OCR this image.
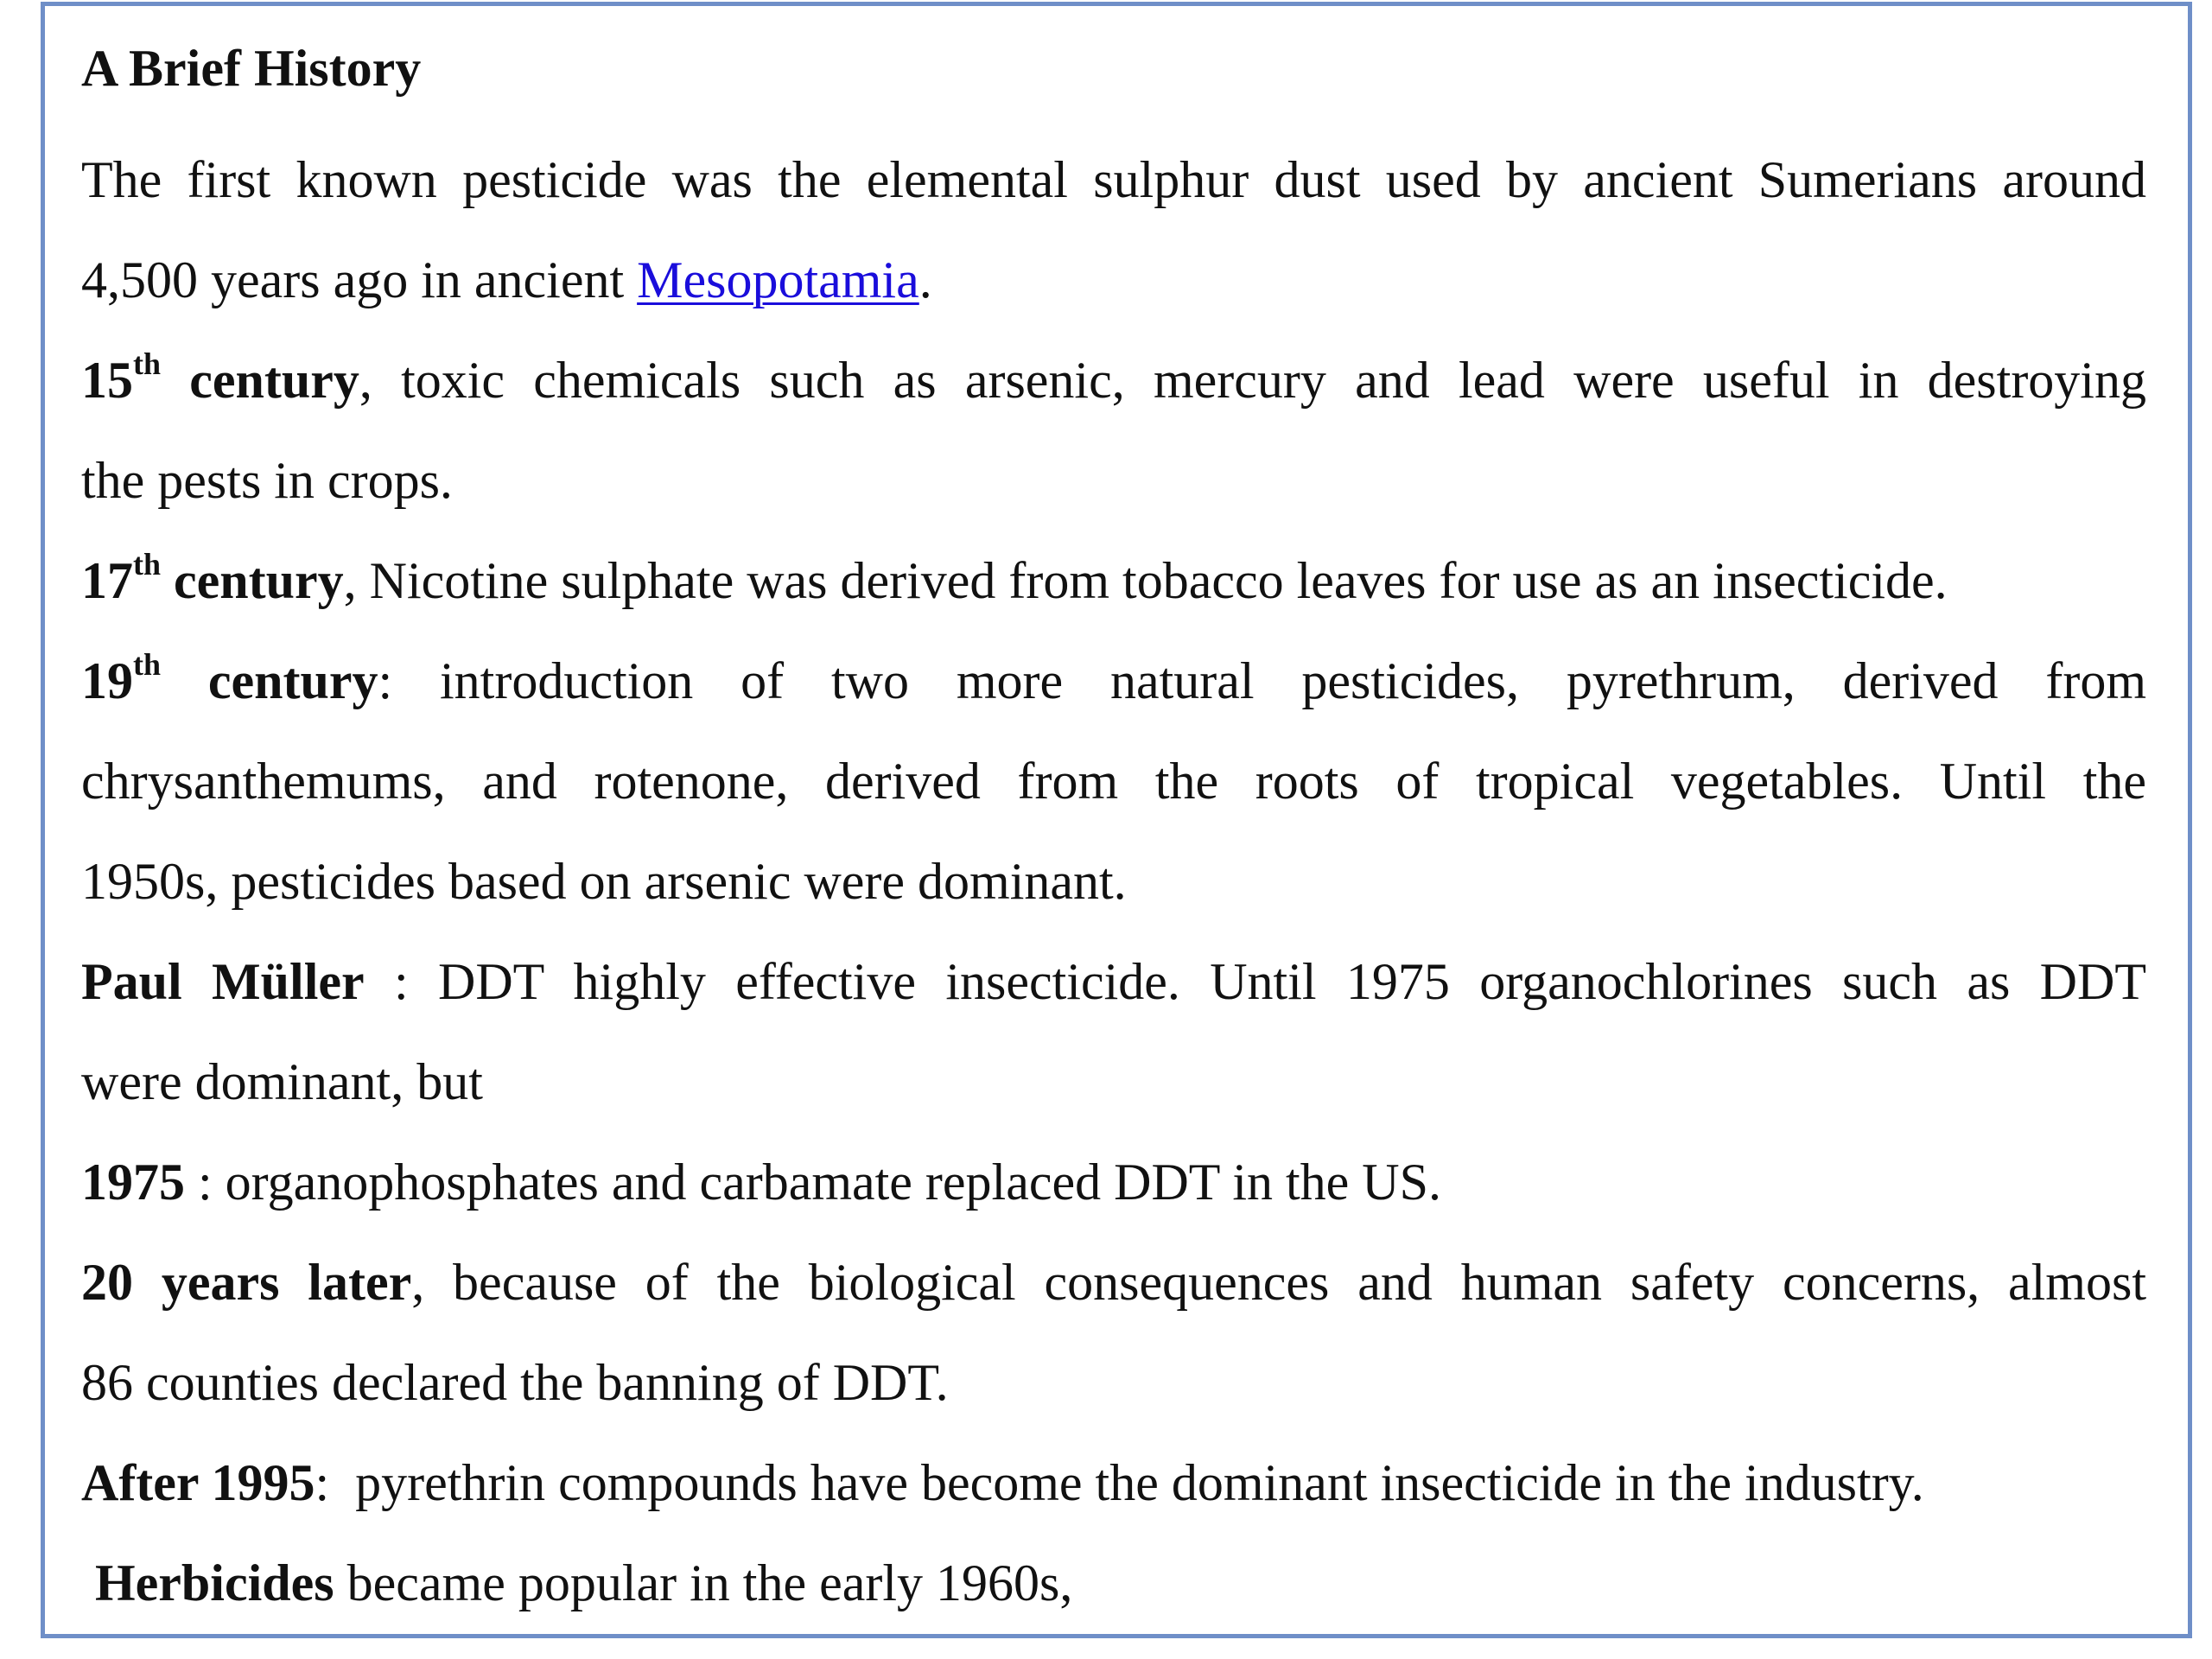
A Brief History
The first known pesticide was the elemental sulphur dust used by ancient Sumerians around
4,500 years ago in ancient Mesopotamia.
15th century, toxic chemicals such as arsenic, mercury and lead were useful in destroying
the pests in crops.
17th century, Nicotine sulphate was derived from tobacco leaves for use as an insecticide.
19th century: introduction of two more natural pesticides, pyrethrum, derived from
chrysanthemums, and rotenone, derived from the roots of tropical vegetables. Until the
1950s, pesticides based on arsenic were dominant.
Paul Müller : DDT highly effective insecticide. Until 1975 organochlorines such as DDT
were dominant, but
1975 : organophosphates and carbamate replaced DDT in the US.
20 years later, because of the biological consequences and human safety concerns, almost
86 counties declared the banning of DDT.
After 1995:  pyrethrin compounds have become the dominant insecticide in the industry.
Herbicides became popular in the early 1960s,
